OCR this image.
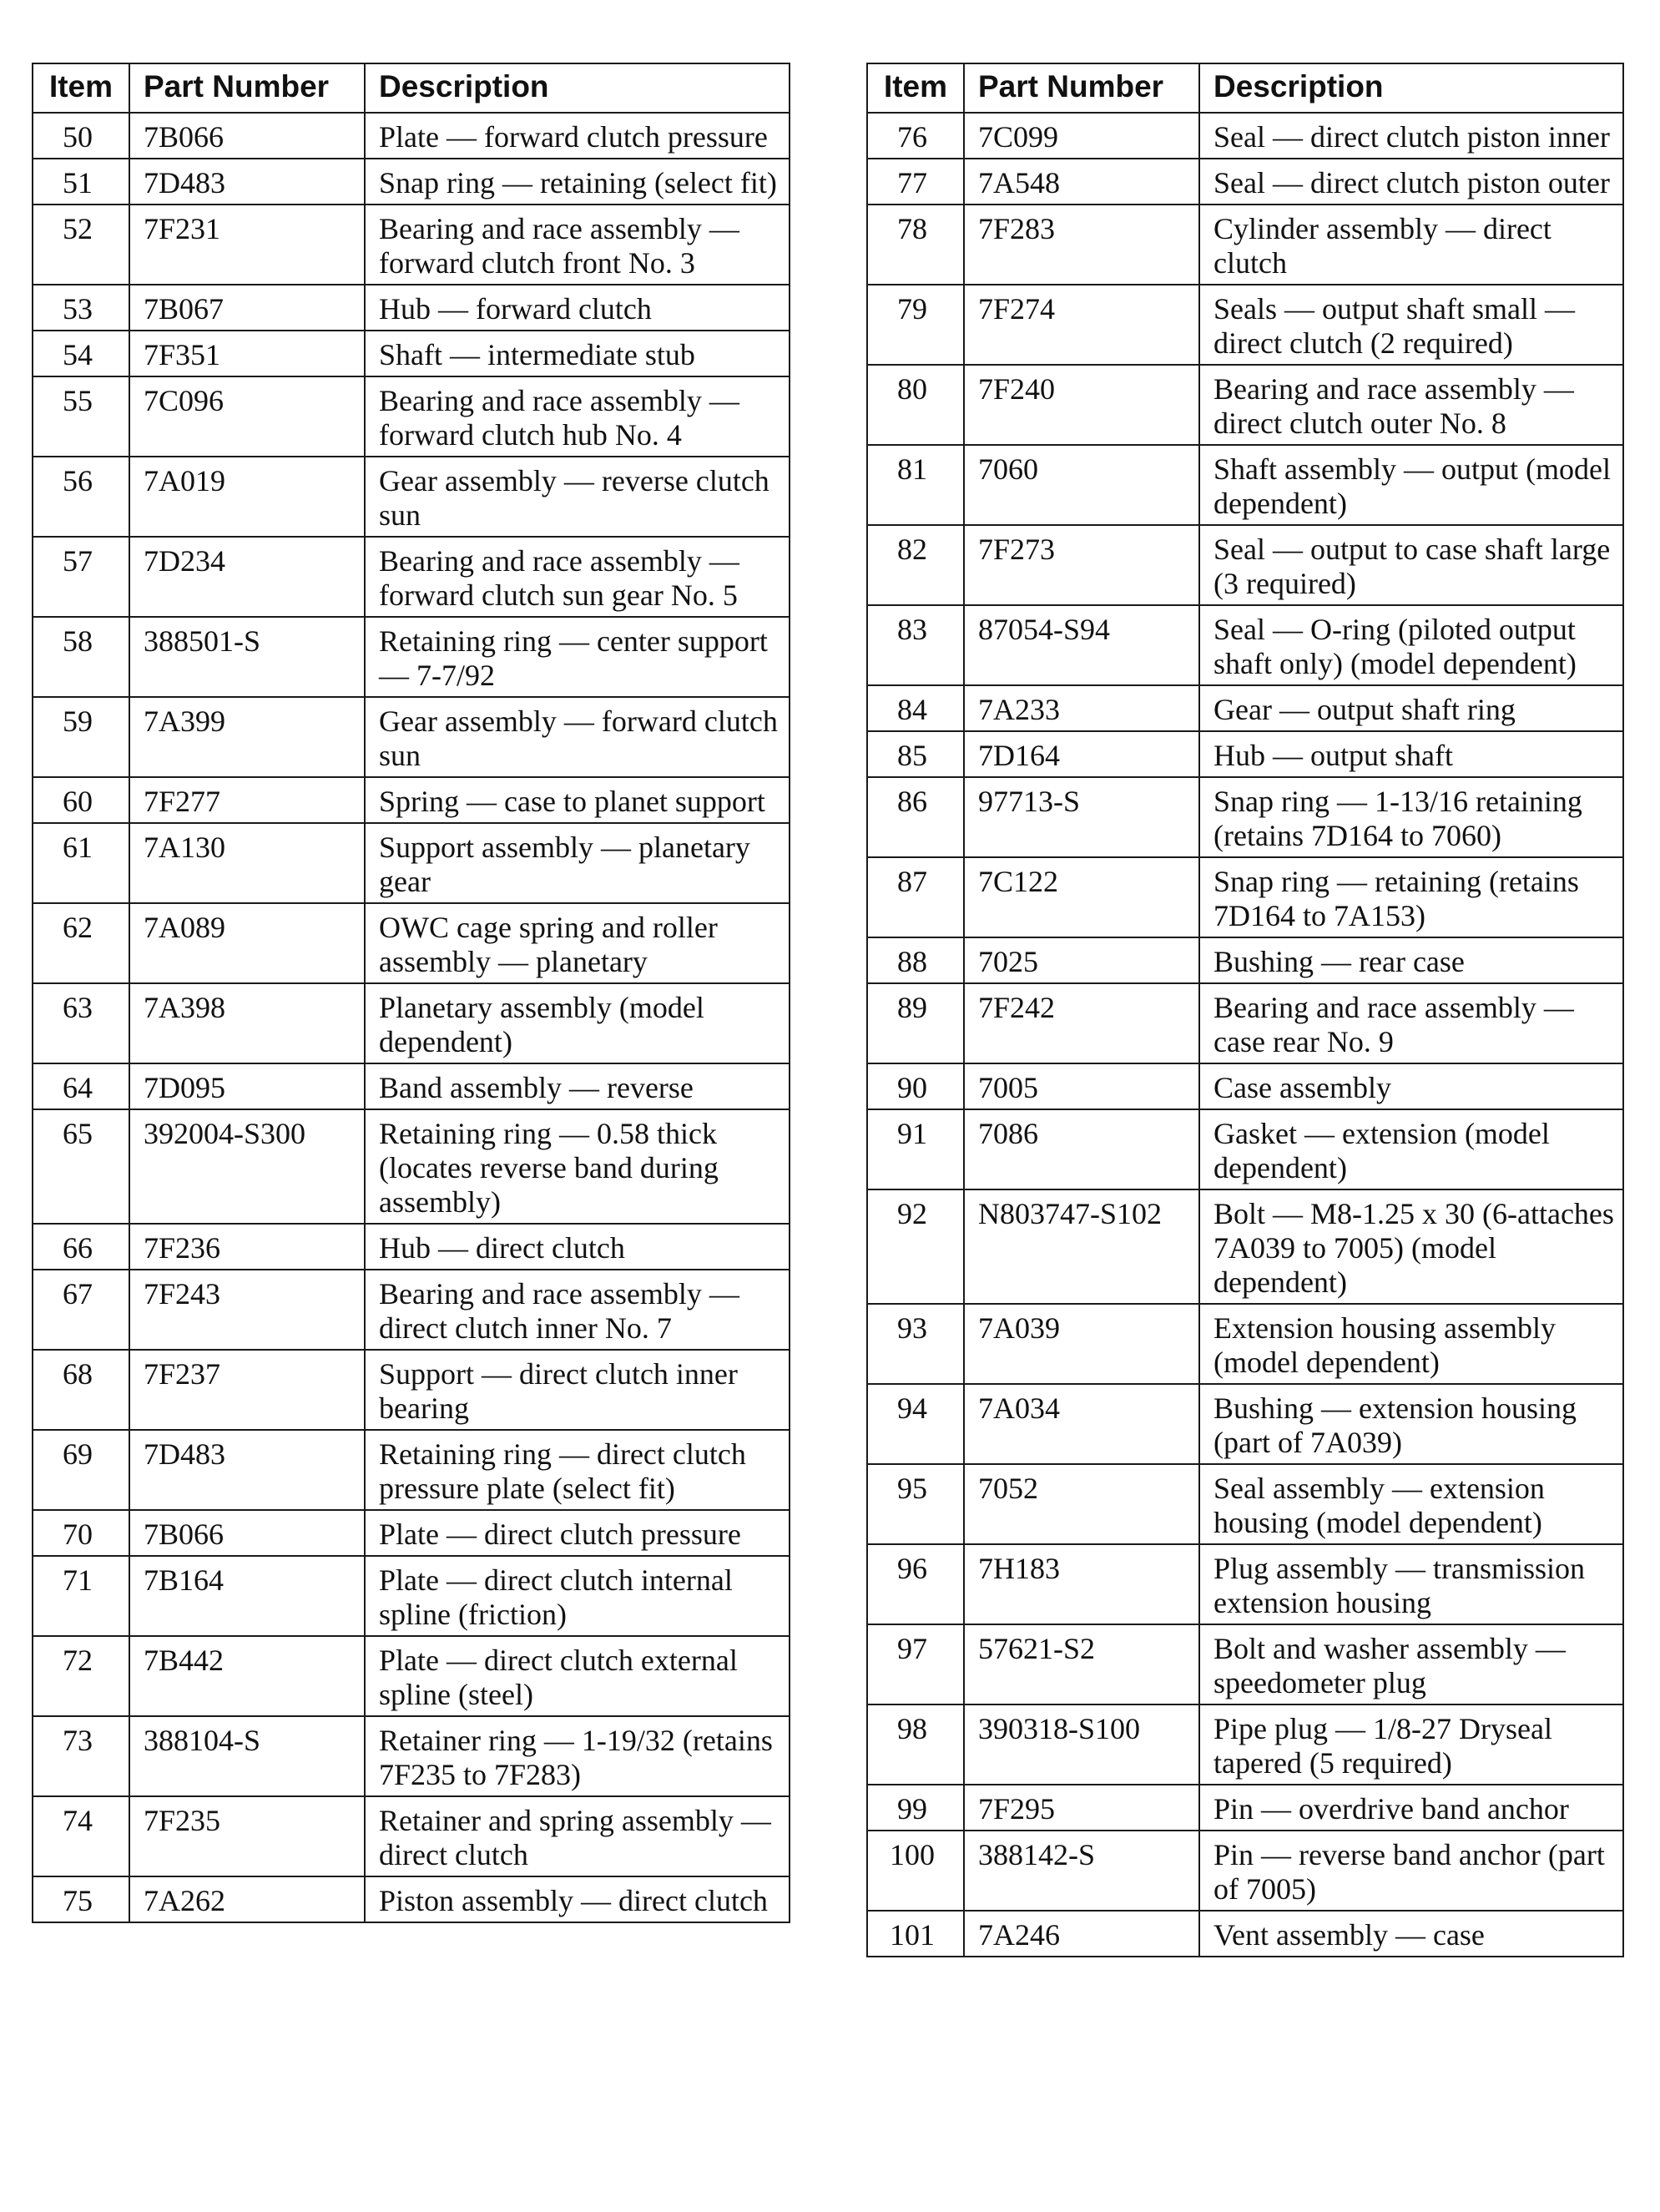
Item	Part Number	Description
50	7B066	Plate — forward clutch pressure
51	7D483	Snap ring — retaining (select fit)
52	7F231	Bearing and race assembly — forward clutch front No. 3
53	7B067	Hub — forward clutch
54	7F351	Shaft — intermediate stub
55	7C096	Bearing and race assembly — forward clutch hub No. 4
56	7A019	Gear assembly — reverse clutch sun
57	7D234	Bearing and race assembly — forward clutch sun gear No. 5
58	388501-S	Retaining ring — center support — 7-7/92
59	7A399	Gear assembly — forward clutch sun
60	7F277	Spring — case to planet support
61	7A130	Support assembly — planetary gear
62	7A089	OWC cage spring and roller assembly — planetary
63	7A398	Planetary assembly (model dependent)
64	7D095	Band assembly — reverse
65	392004-S300	Retaining ring — 0.58 thick (locates reverse band during assembly)
66	7F236	Hub — direct clutch
67	7F243	Bearing and race assembly — direct clutch inner No. 7
68	7F237	Support — direct clutch inner bearing
69	7D483	Retaining ring — direct clutch pressure plate (select fit)
70	7B066	Plate — direct clutch pressure
71	7B164	Plate — direct clutch internal spline (friction)
72	7B442	Plate — direct clutch external spline (steel)
73	388104-S	Retainer ring — 1-19/32 (retains 7F235 to 7F283)
74	7F235	Retainer and spring assembly — direct clutch
75	7A262	Piston assembly — direct clutch
Item	Part Number	Description
76	7C099	Seal — direct clutch piston inner
77	7A548	Seal — direct clutch piston outer
78	7F283	Cylinder assembly — direct clutch
79	7F274	Seals — output shaft small — direct clutch (2 required)
80	7F240	Bearing and race assembly — direct clutch outer No. 8
81	7060	Shaft assembly — output (model dependent)
82	7F273	Seal — output to case shaft large (3 required)
83	87054-S94	Seal — O-ring (piloted output shaft only) (model dependent)
84	7A233	Gear — output shaft ring
85	7D164	Hub — output shaft
86	97713-S	Snap ring — 1-13/16 retaining (retains 7D164 to 7060)
87	7C122	Snap ring — retaining (retains 7D164 to 7A153)
88	7025	Bushing — rear case
89	7F242	Bearing and race assembly — case rear No. 9
90	7005	Case assembly
91	7086	Gasket — extension (model dependent)
92	N803747-S102	Bolt — M8-1.25 x 30 (6-attaches 7A039 to 7005) (model dependent)
93	7A039	Extension housing assembly (model dependent)
94	7A034	Bushing — extension housing (part of 7A039)
95	7052	Seal assembly — extension housing (model dependent)
96	7H183	Plug assembly — transmission extension housing
97	57621-S2	Bolt and washer assembly — speedometer plug
98	390318-S100	Pipe plug — 1/8-27 Dryseal tapered (5 required)
99	7F295	Pin — overdrive band anchor
100	388142-S	Pin — reverse band anchor (part of 7005)
101	7A246	Vent assembly — case
